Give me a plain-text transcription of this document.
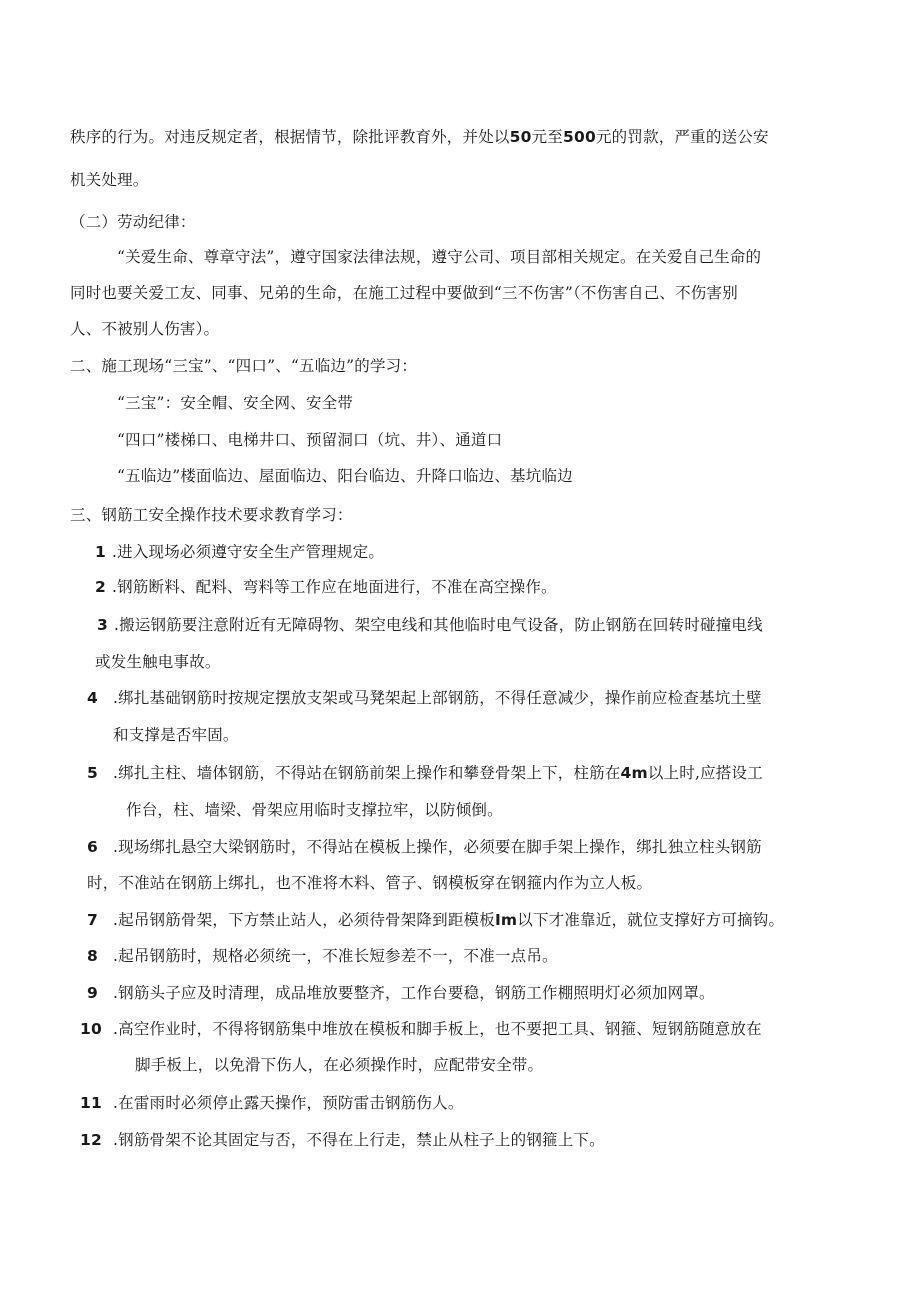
秩序的行为。对违反规定者，根据情节，除批评教育外，并处以50元至500元的罚款，严重的送公安
机关处理。
（二）劳动纪律：
“关爱生命、尊章守法”，遵守国家法律法规，遵守公司、项目部相关规定。在关爱自己生命的
同时也要关爱工友、同事、兄弟的生命，在施工过程中要做到“三不伤害”（不伤害自己、不伤害别
人、不被别人伤害）。
二、施工现场“三宝”、“四口”、“五临边”的学习：
“三宝”：安全帽、安全网、安全带
“四口”楼梯口、电梯井口、预留洞口（坑、井）、通道口
“五临边”楼面临边、屋面临边、阳台临边、升降口临边、基坑临边
三、钢筋工安全操作技术要求教育学习：
1 .进入现场必须遵守安全生产管理规定。
2 .钢筋断料、配料、弯料等工作应在地面进行，不准在高空操作。
3 .搬运钢筋要注意附近有无障碍物、架空电线和其他临时电气设备，防止钢筋在回转时碰撞电线
或发生触电事故。
4 .绑扎基础钢筋时按规定摆放支架或马凳架起上部钢筋，不得任意减少，操作前应检查基坑土壁
和支撑是否牢固。
5 .绑扎主柱、墙体钢筋，不得站在钢筋前架上操作和攀登骨架上下，柱筋在4m以上时,应搭设工
作台，柱、墙梁、骨架应用临时支撑拉牢，以防倾倒。
6 .现场绑扎悬空大梁钢筋时，不得站在模板上操作，必须要在脚手架上操作，绑扎独立柱头钢筋
时，不准站在钢筋上绑扎，也不准将木料、管子、钢模板穿在钢箍内作为立人板。
7 .起吊钢筋骨架，下方禁止站人，必须待骨架降到距模板Im以下才准靠近，就位支撑好方可摘钩。
8 .起吊钢筋时，规格必须统一，不准长短参差不一，不准一点吊。
9 .钢筋头子应及时清理，成品堆放要整齐，工作台要稳，钢筋工作棚照明灯必须加网罩。
10 .高空作业时，不得将钢筋集中堆放在模板和脚手板上，也不要把工具、钢箍、短钢筋随意放在
脚手板上，以免滑下伤人，在必须操作时，应配带安全带。
11 .在雷雨时必须停止露天操作，预防雷击钢筋伤人。
12 .钢筋骨架不论其固定与否，不得在上行走，禁止从柱子上的钢箍上下。
